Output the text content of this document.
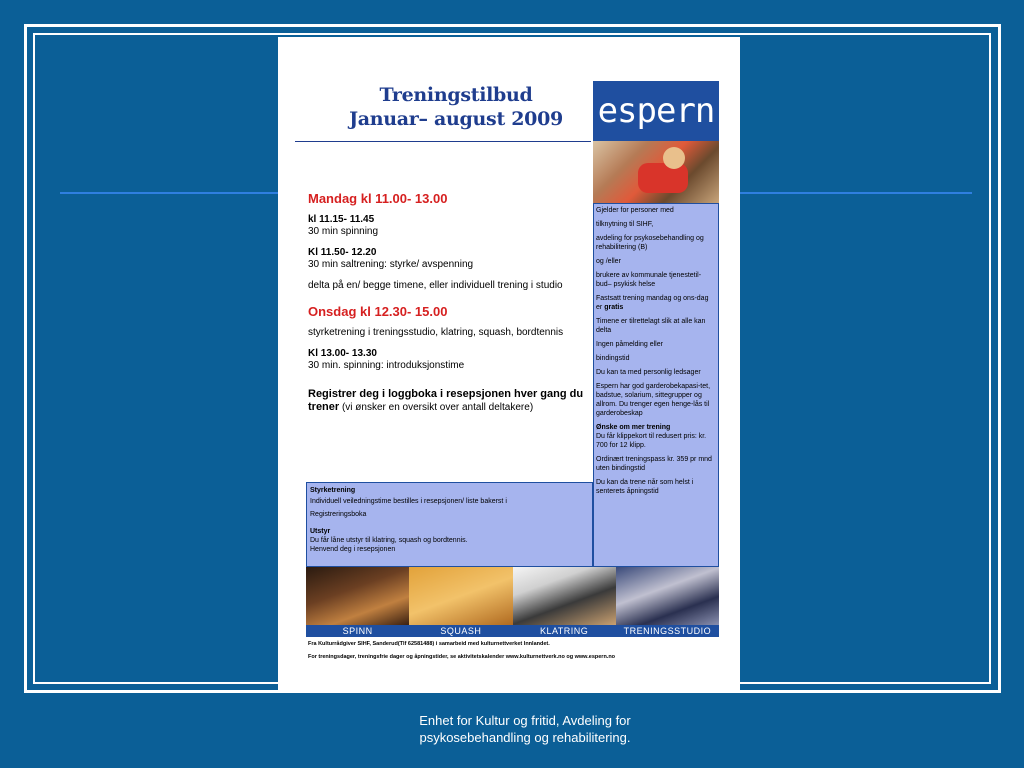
Treningstilbud
Januar– august 2009	espern

Gjelder for personer med

tilknytning til SIHF,

avdeling for psykosebehandling og rehabilitering (B)

og /eller

brukere av kommunale tjenestetil-bud– psykisk helse

Fastsatt trening mandag og ons-dag er gratis

Timene er tilrettelagt slik at alle kan delta

Ingen påmelding eller

bindingstid

Du kan ta med personlig ledsager

Espern har god garderobekapasi-tet, badstue, solarium, sittegrupper og allrom. Du trenger egen henge-lås til garderobeskap

Ønske om mer trening
Du får klippekort til redusert pris: kr. 700 for 12 klipp.

Ordinært treningspass kr. 359 pr mnd uten bindingstid

Du kan da trene når som helst i senterets åpningstid

Mandag kl 11.00- 13.00

kl 11.15- 11.45
30 min spinning

Kl 11.50- 12.20
30 min saltrening: styrke/ avspenning

delta på en/ begge timene, eller individuell trening i studio

Onsdag kl 12.30- 15.00

styrketrening i treningsstudio, klatring, squash, bordtennis

Kl 13.00- 13.30
30 min. spinning: introduksjonstime

Registrer deg i loggboka i resepsjonen hver gang du trener (vi ønsker en oversikt over antall deltakere)

Styrketrening

Individuell veiledningstime bestilles i resepsjonen/ liste bakerst i

Registreringsboka

Utstyr

Du får låne utstyr til klatring, squash og bordtennis.

Henvend deg i resepsjonen

SPINN	SQUASH	KLATRING	TRENINGSSTUDIO

Fra Kulturrådgiver SIHF, Sanderud(Tlf 62581488) i samarbeid med kulturnettverket Innlandet.

For treningsdager, treningsfrie dager og åpningstider, se aktivitetskalender www.kulturnettverk.no og www.espern.no

Enhet for Kultur og fritid, Avdeling for psykosebehandling og rehabilitering.
